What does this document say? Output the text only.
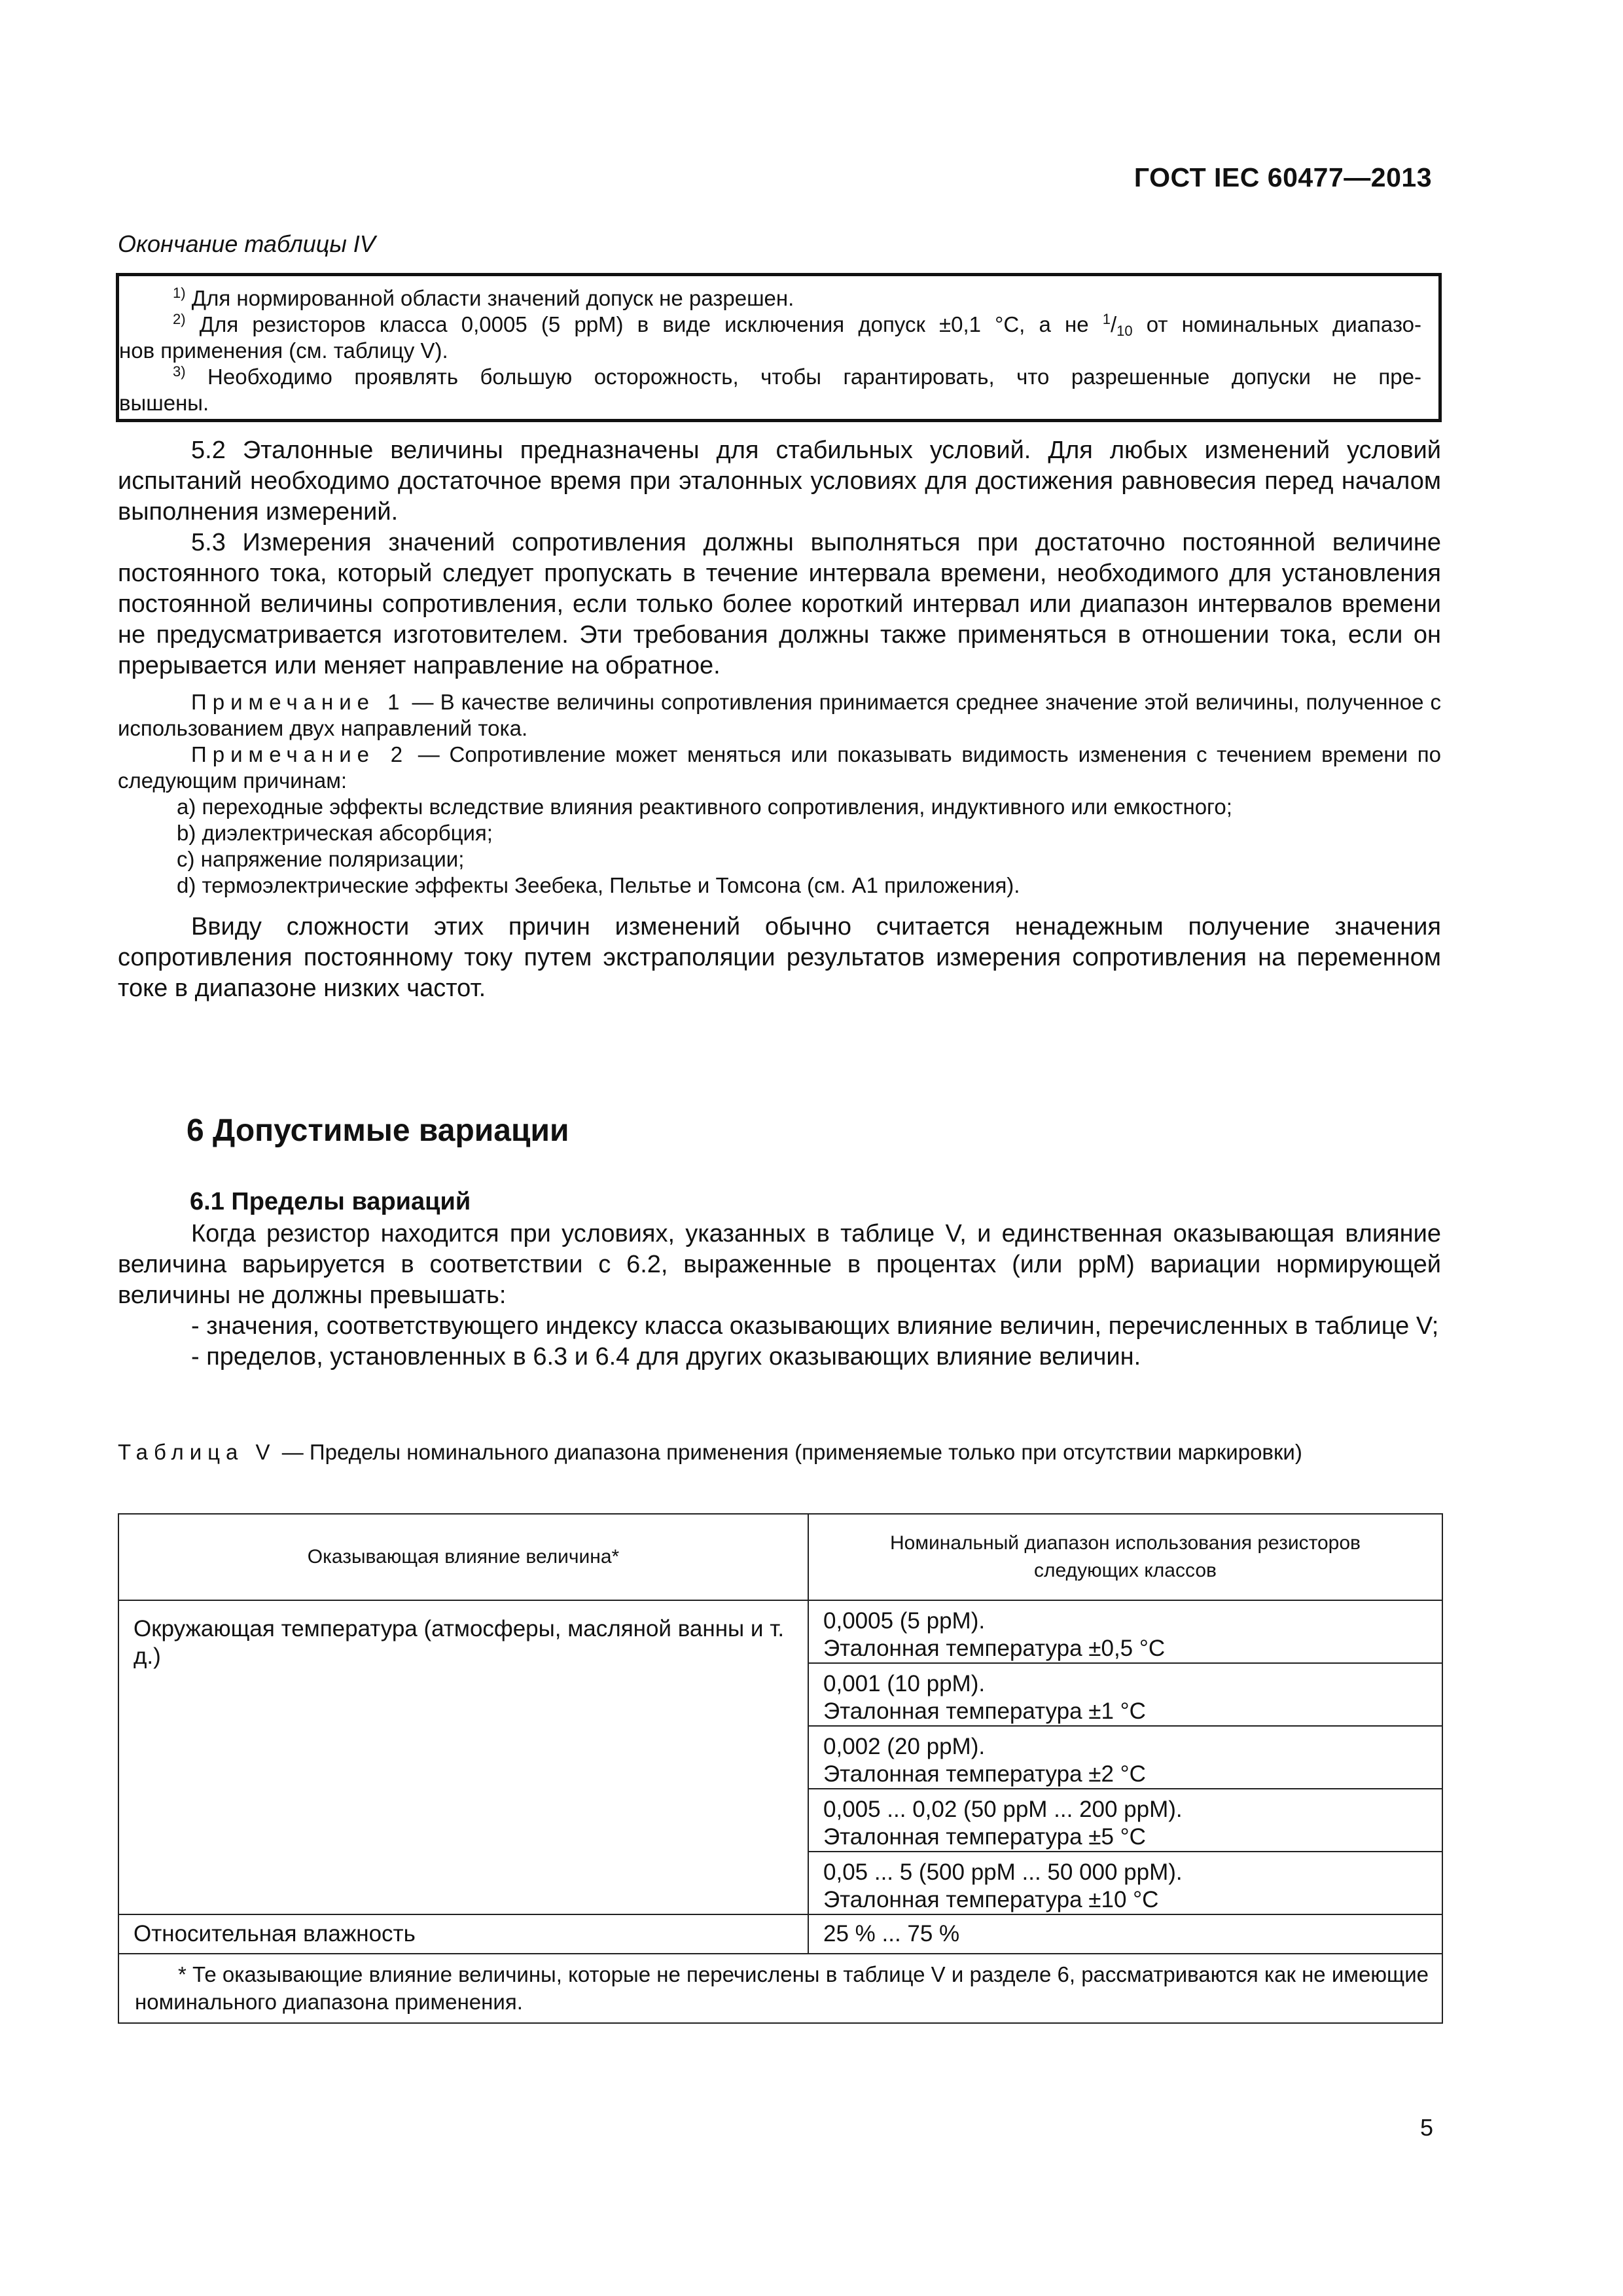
ГОСТ IEC 60477—2013
Окончание таблицы IV

$^{1)}$ Для нормированной области значений допуск не разрешен.

$^{2)}$ Для резисторов класса 0,0005 (5 ppM) в виде исключения допуск ±0,1 °С, а не $^1/_{10}$ от номинальных диапазо-

нов применения (см. таблицу V).

$^{3)}$ Необходимо проявлять большую осторожность, чтобы гарантировать, что разрешенные допуски не пре-

вышены.

5.2 Эталонные величины предназначены для стабильных условий. Для любых изменений условий испытаний необходимо достаточное время при эталонных условиях для достижения равновесия перед началом выполнения измерений.

5.3 Измерения значений сопротивления должны выполняться при достаточно постоянной величине постоянного тока, который следует пропускать в течение интервала времени, необходимого для установления постоянной величины сопротивления, если только более короткий интервал или диапазон интервалов времени не предусматривается изготовителем. Эти требования должны также применяться в отношении тока, если он прерывается или меняет направление на обратное.

Примечание 1 — В качестве величины сопротивления принимается среднее значение этой величины, полученное с использованием двух направлений тока.

Примечание 2 — Сопротивление может меняться или показывать видимость изменения с течением времени по следующим причинам:

a) переходные эффекты вследствие влияния реактивного сопротивления, индуктивного или емкостного;

b) диэлектрическая абсорбция;

c) напряжение поляризации;

d) термоэлектрические эффекты Зеебека, Пельтье и Томсона (см. А1 приложения).

Ввиду сложности этих причин изменений обычно считается ненадежным получение значения сопротивления постоянному току путем экстраполяции результатов измерения сопротивления на переменном токе в диапазоне низких частот.

6 Допустимые вариации
6.1 Пределы вариаций

Когда резистор находится при условиях, указанных в таблице V, и единственная оказывающая влияние величина варьируется в соответствии с 6.2, выраженные в процентах (или ppM) вариации нормирующей величины не должны превышать:

- значения, соответствующего индексу класса оказывающих влияние величин, перечисленных в таблице V;

- пределов, установленных в 6.3 и 6.4 для других оказывающих влияние величин.

Таблица V — Пределы номинального диапазона применения (применяемые только при отсутствии маркировки)
Оказывающая влияние величина*	Номинальный диапазон использования резисторов следующих классов
Окружающая температура (атмосферы, масляной ванны и т. д.)	0,0005 (5 ppM).
Эталонная температура ±0,5 °С

	0,001 (10 ppM).
Эталонная температура ±1 °С

	0,002 (20 ppM).
Эталонная температура ±2 °С

	0,005 ... 0,02 (50 ppM ... 200 ppM).
Эталонная температура ±5 °С

	0,05 ... 5 (500 ppM ... 50 000 ppM).
Эталонная температура ±10 °С

Относительная влажность	25 % ... 75 %
* Те оказывающие влияние величины, которые не перечислены в таблице V и разделе 6, рассматриваются как не имеющие номинального диапазона применения.	
5
